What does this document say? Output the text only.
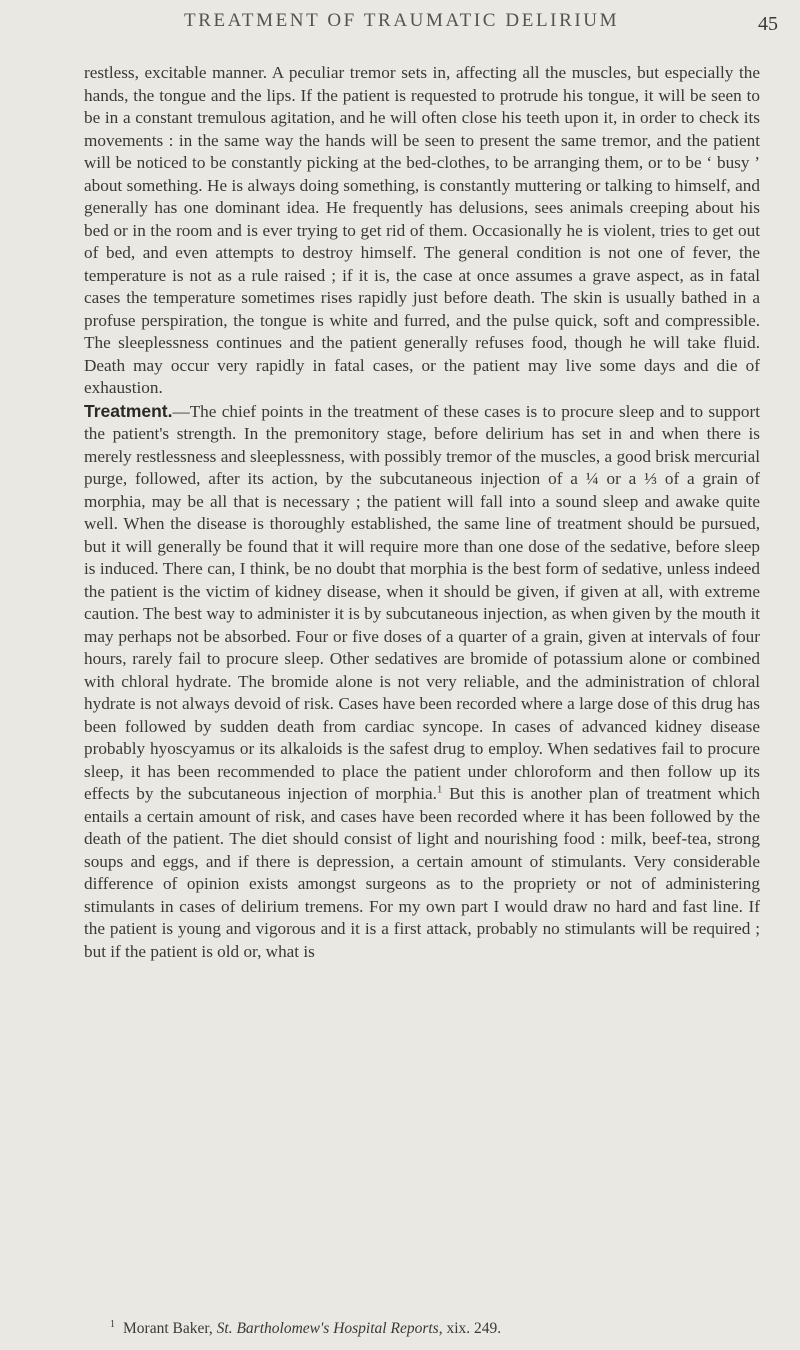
TREATMENT OF TRAUMATIC DELIRIUM	45

restless, excitable manner. A peculiar tremor sets in, affecting all the muscles, but especially the hands, the tongue and the lips. If the patient is requested to protrude his tongue, it will be seen to be in a constant tremulous agitation, and he will often close his teeth upon it, in order to check its movements : in the same way the hands will be seen to present the same tremor, and the patient will be noticed to be constantly picking at the bed-clothes, to be arranging them, or to be ‘ busy ’ about something. He is always doing something, is constantly muttering or talking to himself, and generally has one dominant idea. He frequently has delusions, sees animals creeping about his bed or in the room and is ever trying to get rid of them. Occasionally he is violent, tries to get out of bed, and even attempts to destroy himself. The general condition is not one of fever, the temperature is not as a rule raised ; if it is, the case at once assumes a grave aspect, as in fatal cases the temperature sometimes rises rapidly just before death. The skin is usually bathed in a profuse perspiration, the tongue is white and furred, and the pulse quick, soft and compressible. The sleeplessness continues and the patient generally refuses food, though he will take fluid. Death may occur very rapidly in fatal cases, or the patient may live some days and die of exhaustion.

Treatment.—The chief points in the treatment of these cases is to procure sleep and to support the patient's strength. In the premonitory stage, before delirium has set in and when there is merely restlessness and sleeplessness, with possibly tremor of the muscles, a good brisk mercurial purge, followed, after its action, by the subcutaneous injection of a ¼ or a ⅓ of a grain of morphia, may be all that is necessary ; the patient will fall into a sound sleep and awake quite well. When the disease is thoroughly established, the same line of treatment should be pursued, but it will generally be found that it will require more than one dose of the sedative, before sleep is induced. There can, I think, be no doubt that morphia is the best form of sedative, unless indeed the patient is the victim of kidney disease, when it should be given, if given at all, with extreme caution. The best way to administer it is by subcutaneous injection, as when given by the mouth it may perhaps not be absorbed. Four or five doses of a quarter of a grain, given at intervals of four hours, rarely fail to procure sleep. Other sedatives are bromide of potassium alone or combined with chloral hydrate. The bromide alone is not very reliable, and the administration of chloral hydrate is not always devoid of risk. Cases have been recorded where a large dose of this drug has been followed by sudden death from cardiac syncope. In cases of advanced kidney disease probably hyoscyamus or its alkaloids is the safest drug to employ. When sedatives fail to procure sleep, it has been recommended to place the patient under chloroform and then follow up its effects by the subcutaneous injection of morphia.$^1$ But this is another plan of treatment which entails a certain amount of risk, and cases have been recorded where it has been followed by the death of the patient. The diet should consist of light and nourishing food : milk, beef-tea, strong soups and eggs, and if there is depression, a certain amount of stimulants. Very considerable difference of opinion exists amongst surgeons as to the propriety or not of administering stimulants in cases of delirium tremens. For my own part I would draw no hard and fast line. If the patient is young and vigorous and it is a first attack, probably no stimulants will be required ; but if the patient is old or, what is

$^1$ Morant Baker, St. Bartholomew's Hospital Reports, xix. 249.
